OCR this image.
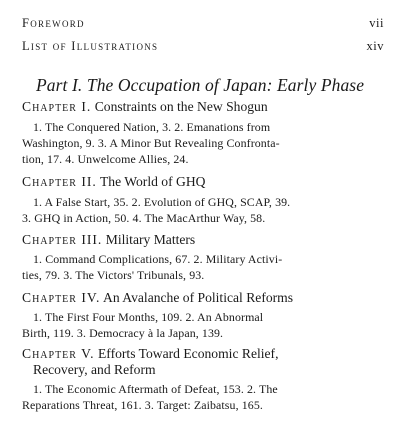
Foreword	vii
List of Illustrations	xiv
Part I. The Occupation of Japan: Early Phase
Chapter I. Constraints on the New Shogun
1. The Conquered Nation, 3. 2. Emanations from
Washington, 9. 3. A Minor But Revealing Confronta-
tion, 17. 4. Unwelcome Allies, 24.
Chapter II. The World of GHQ
1. A False Start, 35. 2. Evolution of GHQ, SCAP, 39.
3. GHQ in Action, 50. 4. The MacArthur Way, 58.
Chapter III. Military Matters
1. Command Complications, 67. 2. Military Activi-
ties, 79. 3. The Victors' Tribunals, 93.
Chapter IV. An Avalanche of Political Reforms
1. The First Four Months, 109. 2. An Abnormal
Birth, 119. 3. Democracy à la Japan, 139.
Chapter V. Efforts Toward Economic Relief,
Recovery, and Reform
1. The Economic Aftermath of Defeat, 153. 2. The
Reparations Threat, 161. 3. Target: Zaibatsu, 165.
